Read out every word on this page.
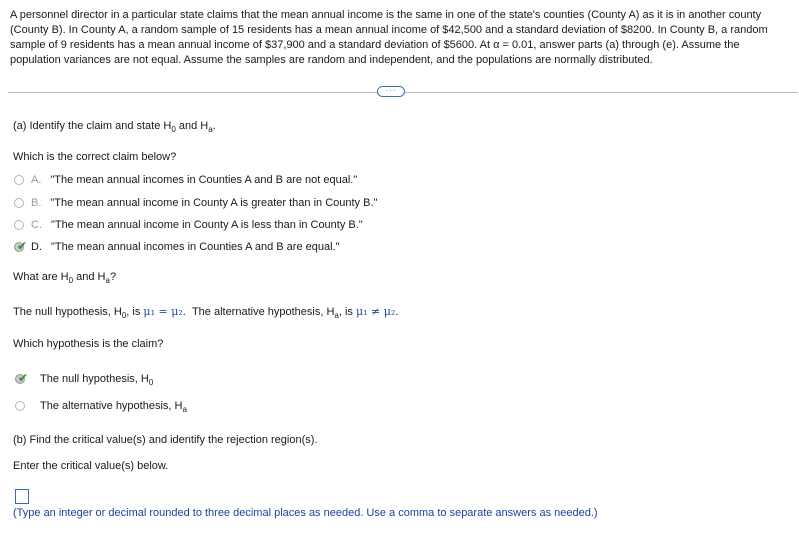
A personnel director in a particular state claims that the mean annual income is the same in one of the state's counties (County A) as it is in another county (County B). In County A, a random sample of 15 residents has a mean annual income of $42,500 and a standard deviation of $8200. In County B, a random sample of 9 residents has a mean annual income of $37,900 and a standard deviation of $5600. At α = 0.01, answer parts (a) through (e). Assume the population variances are not equal. Assume the samples are random and independent, and the populations are normally distributed.
···
(a) Identify the claim and state $H_0$ and $H_a$.
Which is the correct claim below?
A. "The mean annual incomes in Counties A and B are not equal."
B. "The mean annual income in County A is greater than in County B."
C. "The mean annual income in County A is less than in County B."
✔ D. "The mean annual incomes in Counties A and B are equal."
What are $H_0$ and $H_a$?
The null hypothesis, $H_0$, is μ₁ = μ₂. The alternative hypothesis, $H_a$, is μ₁ ≠ μ₂.
Which hypothesis is the claim?
✔ The null hypothesis, $H_0$
The alternative hypothesis, $H_a$
(b) Find the critical value(s) and identify the rejection region(s).
Enter the critical value(s) below.
(Type an integer or decimal rounded to three decimal places as needed. Use a comma to separate answers as needed.)
